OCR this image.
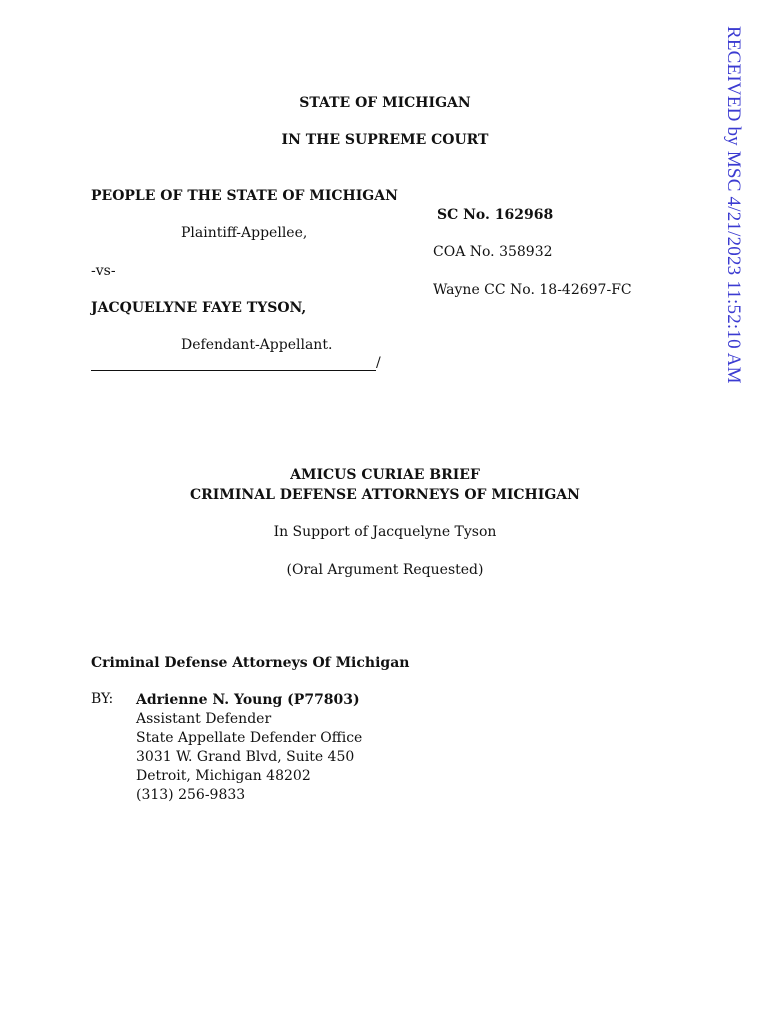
STATE OF MICHIGAN
IN THE SUPREME COURT
PEOPLE OF THE STATE OF MICHIGAN
Plaintiff-Appellee,
-vs-
JACQUELYNE FAYE TYSON,
Defendant-Appellant.
/
SC No. 162968
COA No. 358932
Wayne CC No. 18-42697-FC
AMICUS CURIAE BRIEF
CRIMINAL DEFENSE ATTORNEYS OF MICHIGAN
In Support of Jacquelyne Tyson
(Oral Argument Requested)
Criminal Defense Attorneys Of Michigan
BY: Adrienne N. Young (P77803)
Assistant Defender
State Appellate Defender Office
3031 W. Grand Blvd, Suite 450
Detroit, Michigan 48202
(313) 256-9833
RECEIVED by MSC 4/21/2023 11:52:10 AM
